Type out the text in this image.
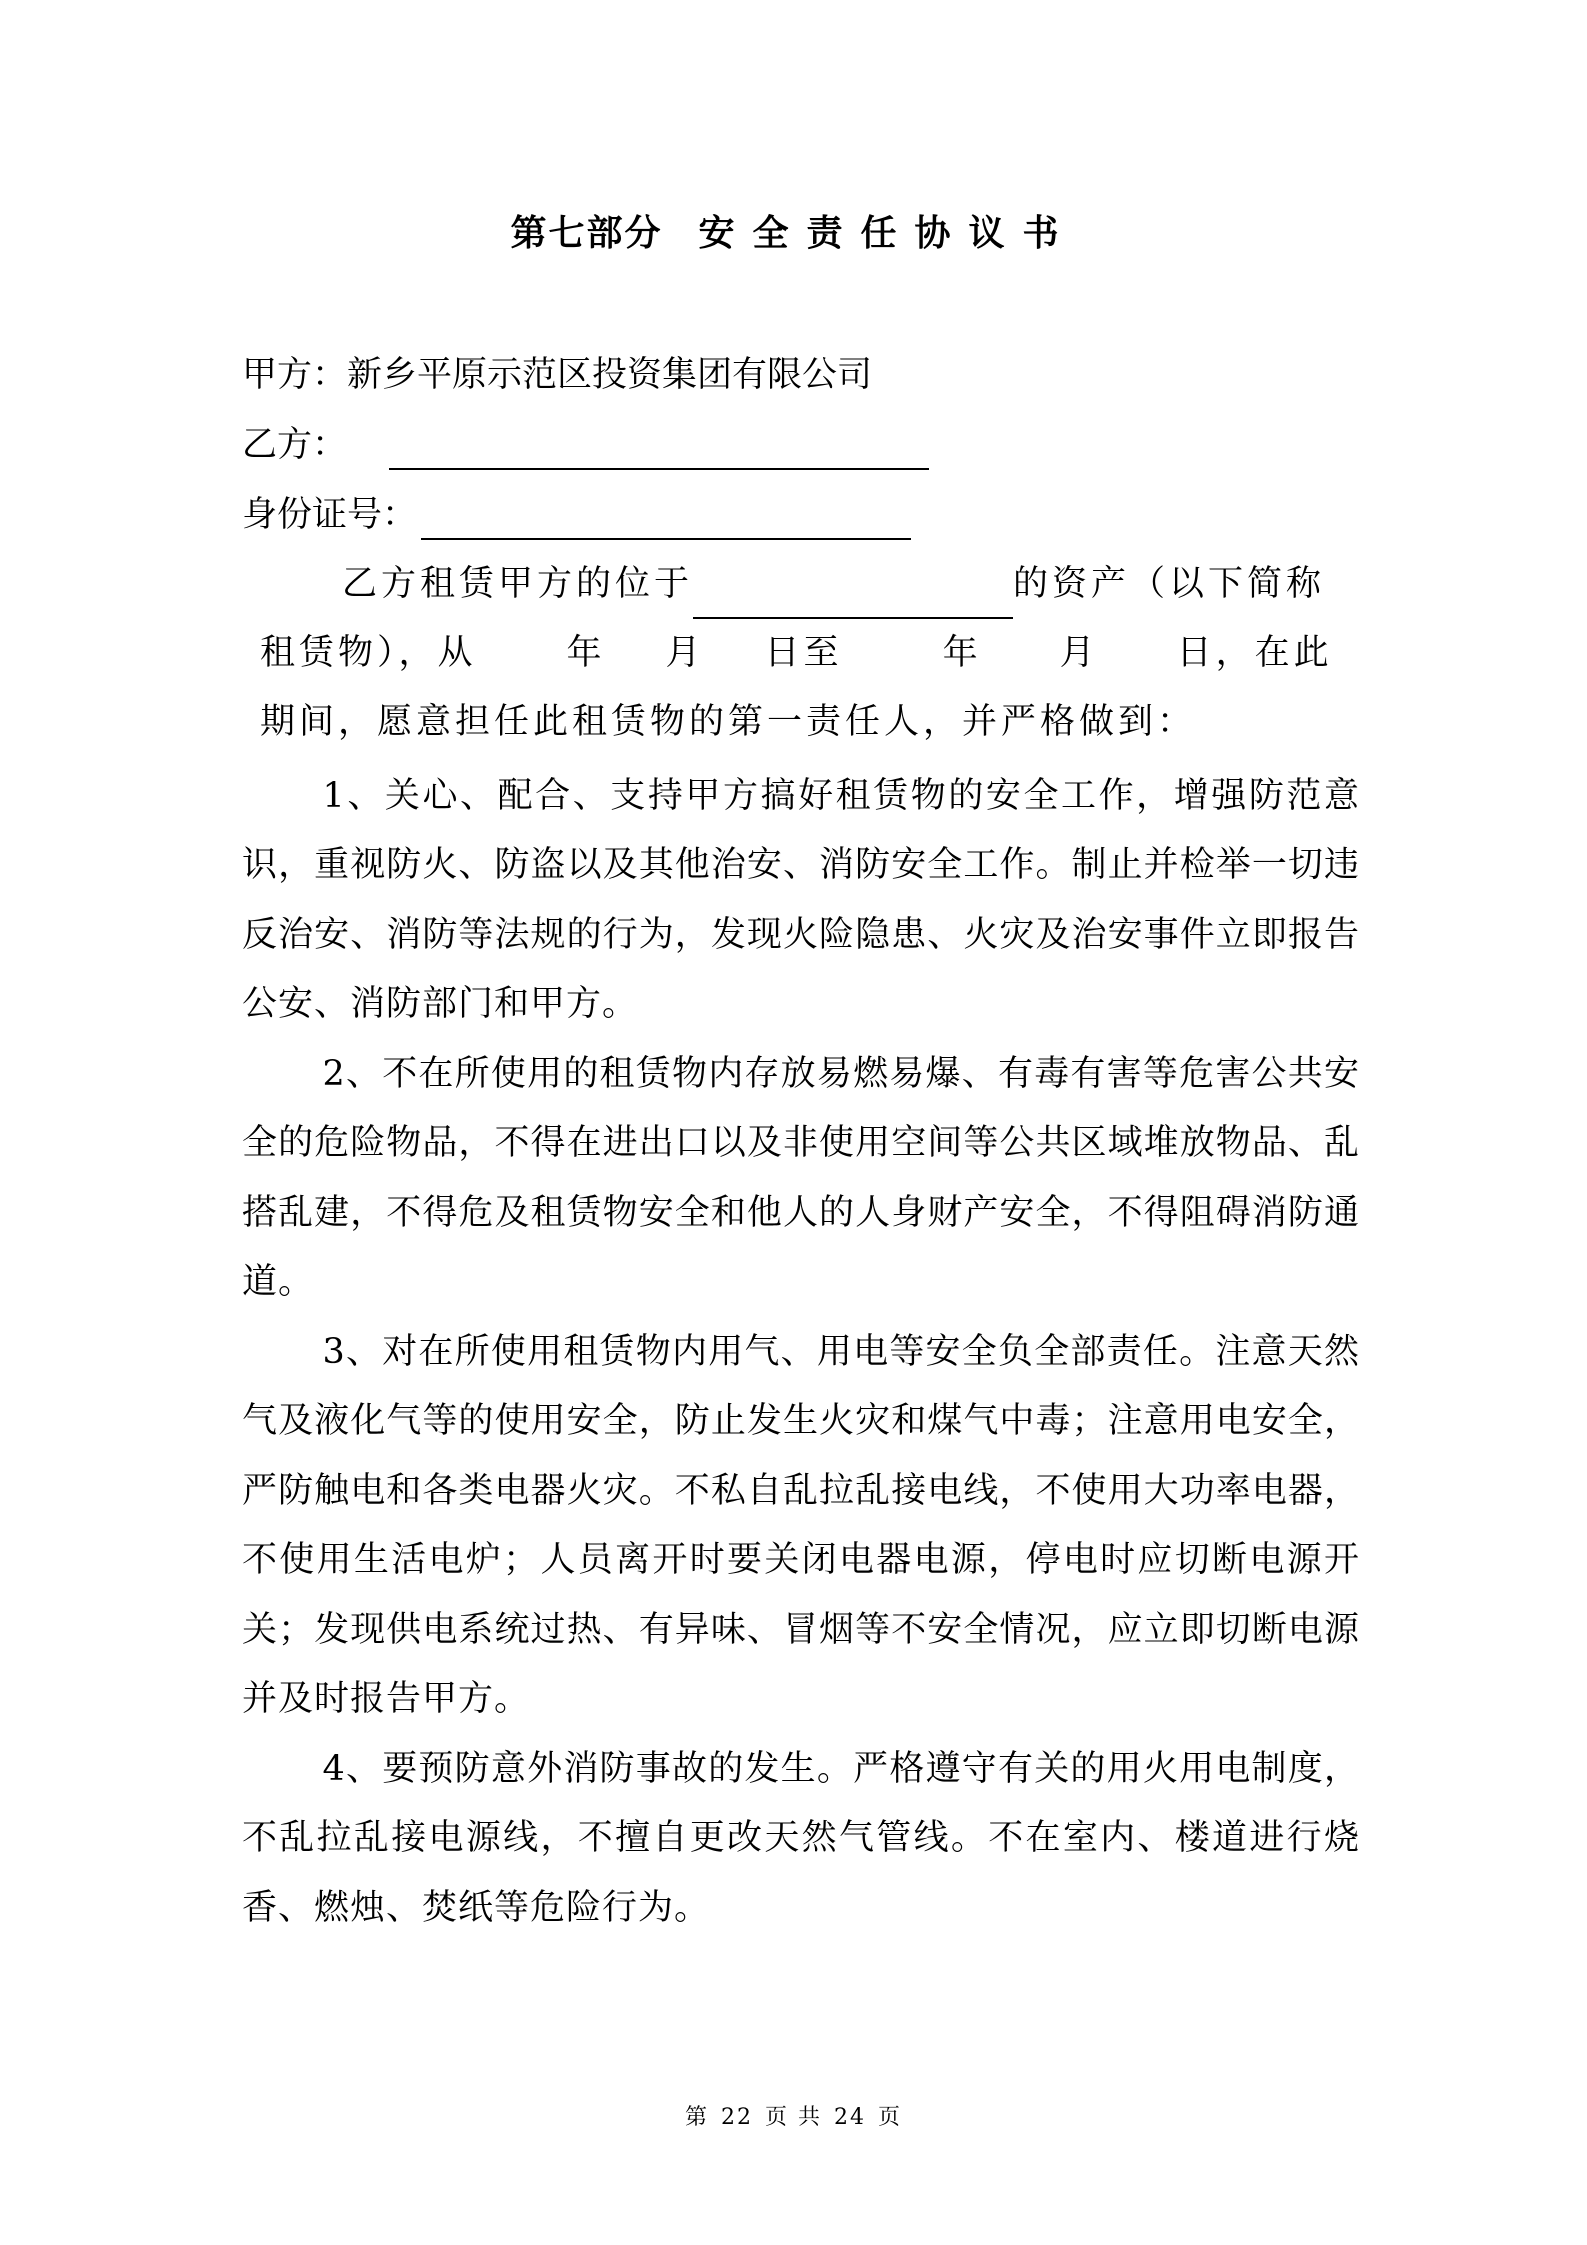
第七部分 安全责任协议书
甲方：新乡平原示范区投资集团有限公司
乙方：
身份证号：
乙方租赁甲方的位于	的资产（以下简称
租赁物），从	年 月 日至	年 月 日，在此
期间，愿意担任此租赁物的第一责任人，并严格做到：

1、关心、配合、支持甲方搞好租赁物的安全工作，增强防范意识，重视防火、防盗以及其他治安、消防安全工作。制止并检举一切违反治安、消防等法规的行为，发现火险隐患、火灾及治安事件立即报告公安、消防部门和甲方。

2、不在所使用的租赁物内存放易燃易爆、有毒有害等危害公共安全的危险物品，不得在进出口以及非使用空间等公共区域堆放物品、乱搭乱建，不得危及租赁物安全和他人的人身财产安全，不得阻碍消防通道。

3、对在所使用租赁物内用气、用电等安全负全部责任。注意天然气及液化气等的使用安全，防止发生火灾和煤气中毒；注意用电安全，严防触电和各类电器火灾。不私自乱拉乱接电线，不使用大功率电器，不使用生活电炉；人员离开时要关闭电器电源，停电时应切断电源开关；发现供电系统过热、有异味、冒烟等不安全情况，应立即切断电源并及时报告甲方。

4、要预防意外消防事故的发生。严格遵守有关的用火用电制度，不乱拉乱接电源线，不擅自更改天然气管线。不在室内、楼道进行烧香、燃烛、焚纸等危险行为。

第 22 页 共 24 页
